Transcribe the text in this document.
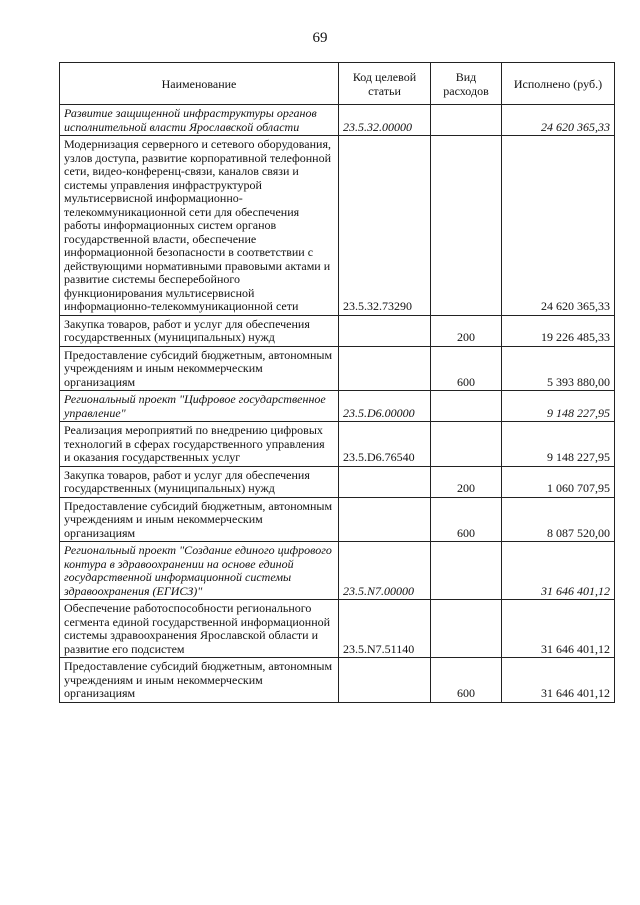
69
Наименование	Код целевой статьи	Вид расходов	Исполнено (руб.)
Развитие защищенной инфраструктуры органов исполнительной власти Ярославской области	23.5.32.00000		24 620 365,33
Модернизация серверного и сетевого оборудования, узлов доступа, развитие корпоративной телефонной сети, видео-конференц-связи, каналов связи и системы управления инфраструктурой мультисервисной информационно-телекоммуникационной сети для обеспечения работы информационных систем органов государственной власти, обеспечение информационной безопасности в соответствии с действующими нормативными правовыми актами и развитие системы бесперебойного функционирования мультисервисной информационно-телекоммуникационной сети	23.5.32.73290		24 620 365,33
Закупка товаров, работ и услуг для обеспечения государственных (муниципальных) нужд		200	19 226 485,33
Предоставление субсидий бюджетным, автономным учреждениям и иным некоммерческим организациям		600	5 393 880,00
Региональный проект "Цифровое государственное управление"	23.5.D6.00000		9 148 227,95
Реализация мероприятий по внедрению цифровых технологий в сферах государственного управления и оказания государственных услуг	23.5.D6.76540		9 148 227,95
Закупка товаров, работ и услуг для обеспечения государственных (муниципальных) нужд		200	1 060 707,95
Предоставление субсидий бюджетным, автономным учреждениям и иным некоммерческим организациям		600	8 087 520,00
Региональный проект "Создание единого цифрового контура в здравоохранении на основе единой государственной информационной системы здравоохранения (ЕГИСЗ)"	23.5.N7.00000		31 646 401,12
Обеспечение работоспособности регионального сегмента единой государственной информационной системы здравоохранения Ярославской области и развитие его подсистем	23.5.N7.51140		31 646 401,12
Предоставление субсидий бюджетным, автономным учреждениям и иным некоммерческим организациям		600	31 646 401,12
